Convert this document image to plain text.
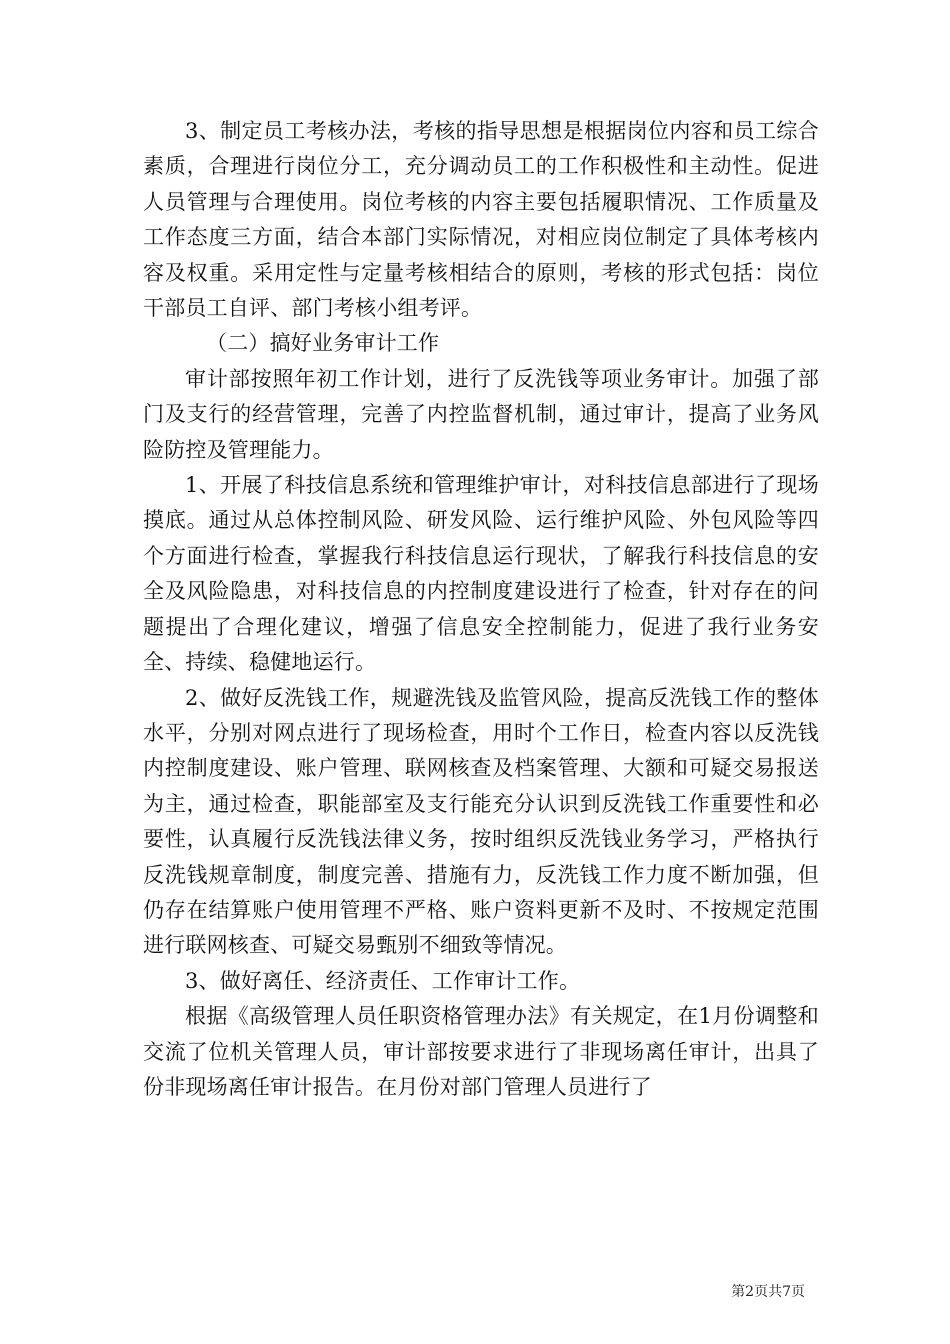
3、制定员工考核办法，考核的指导思想是根据岗位内容和员工综合素质，合理进行岗位分工，充分调动员工的工作积极性和主动性。促进人员管理与合理使用。岗位考核的内容主要包括履职情况、工作质量及工作态度三方面，结合本部门实际情况，对相应岗位制定了具体考核内容及权重。采用定性与定量考核相结合的原则，考核的形式包括：岗位干部员工自评、部门考核小组考评。

（二）搞好业务审计工作

审计部按照年初工作计划，进行了反洗钱等项业务审计。加强了部门及支行的经营管理，完善了内控监督机制，通过审计，提高了业务风险防控及管理能力。

1、开展了科技信息系统和管理维护审计，对科技信息部进行了现场摸底。通过从总体控制风险、研发风险、运行维护风险、外包风险等四个方面进行检查，掌握我行科技信息运行现状，了解我行科技信息的安全及风险隐患，对科技信息的内控制度建设进行了检查，针对存在的问题提出了合理化建议，增强了信息安全控制能力，促进了我行业务安全、持续、稳健地运行。

2、做好反洗钱工作，规避洗钱及监管风险，提高反洗钱工作的整体水平，分别对网点进行了现场检查，用时个工作日，检查内容以反洗钱内控制度建设、账户管理、联网核查及档案管理、大额和可疑交易报送为主，通过检查，职能部室及支行能充分认识到反洗钱工作重要性和必要性，认真履行反洗钱法律义务，按时组织反洗钱业务学习，严格执行反洗钱规章制度，制度完善、措施有力，反洗钱工作力度不断加强，但仍存在结算账户使用管理不严格、账户资料更新不及时、不按规定范围进行联网核查、可疑交易甄别不细致等情况。

3、做好离任、经济责任、工作审计工作。

根据《高级管理人员任职资格管理办法》有关规定，在1月份调整和交流了位机关管理人员，审计部按要求进行了非现场离任审计，出具了份非现场离任审计报告。在月份对部门管理人员进行了

第2页共7页
